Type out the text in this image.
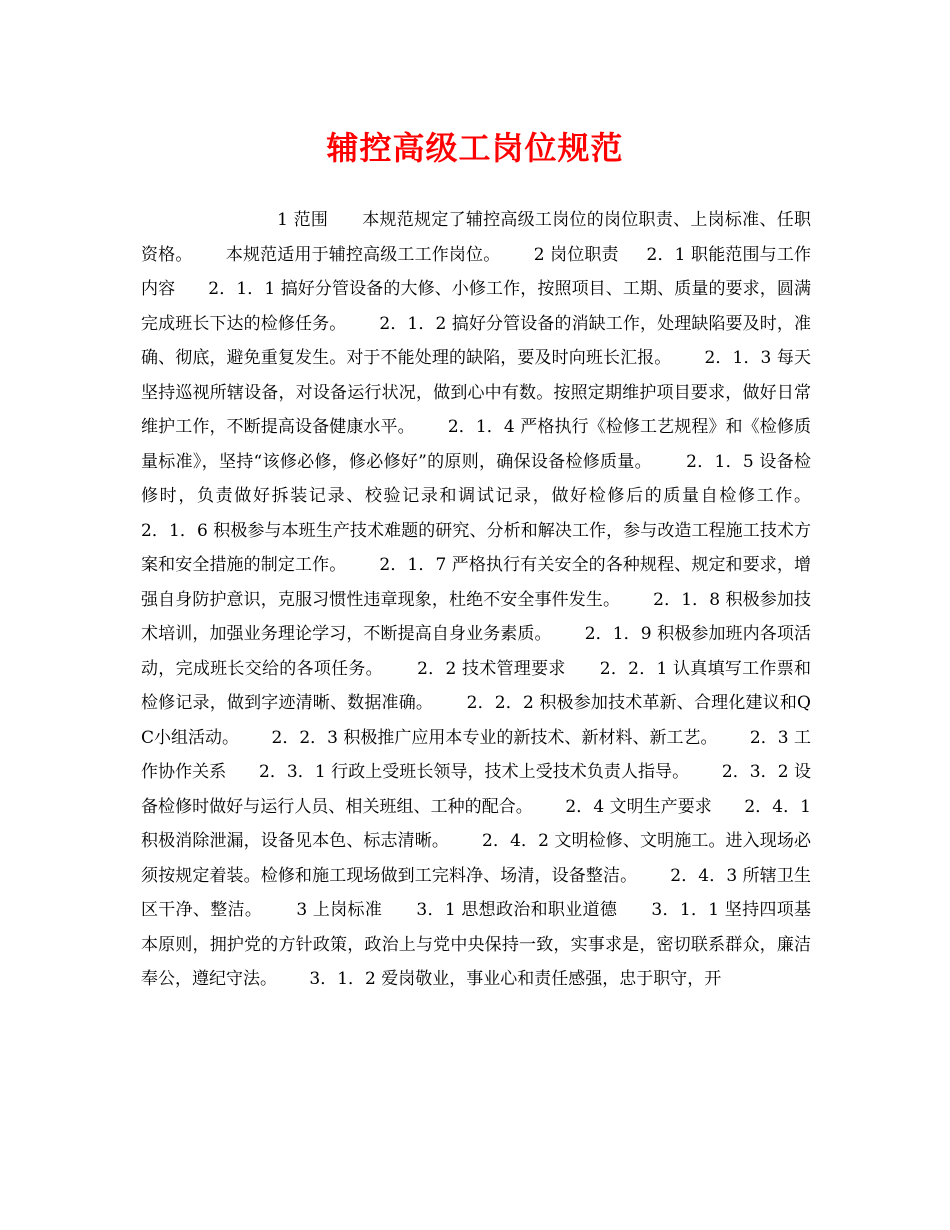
辅控高级工岗位规范

1 范围      本规范规定了辅控高级工岗位的岗位职责、上岗标准、任职资格。      本规范适用于辅控高级工工作岗位。      2 岗位职责     2．1 职能范围与工作内容      2．1．1 搞好分管设备的大修、小修工作，按照项目、工期、质量的要求，圆满完成班长下达的检修任务。      2．1．2 搞好分管设备的消缺工作，处理缺陷要及时，准确、彻底，避免重复发生。对于不能处理的缺陷，要及时向班长汇报。      2．1．3 每天坚持巡视所辖设备，对设备运行状况，做到心中有数。按照定期维护项目要求，做好日常维护工作，不断提高设备健康水平。      2．1．4 严格执行《检修工艺规程》和《检修质量标准》，坚持“该修必修，修必修好”的原则，确保设备检修质量。      2．1．5 设备检修时，负责做好拆装记录、校验记录和调试记录，做好检修后的质量自检修工作。      2．1．6 积极参与本班生产技术难题的研究、分析和解决工作，参与改造工程施工技术方案和安全措施的制定工作。      2．1．7 严格执行有关安全的各种规程、规定和要求，增强自身防护意识，克服习惯性违章现象，杜绝不安全事件发生。      2．1．8 积极参加技术培训，加强业务理论学习，不断提高自身业务素质。      2．1．9 积极参加班内各项活动，完成班长交给的各项任务。      2．2 技术管理要求      2．2．1 认真填写工作票和检修记录，做到字迹清晰、数据准确。      2．2．2 积极参加技术革新、合理化建议和QC小组活动。      2．2．3 积极推广应用本专业的新技术、新材料、新工艺。      2．3 工作协作关系      2．3．1 行政上受班长领导，技术上受技术负责人指导。      2．3．2 设备检修时做好与运行人员、相关班组、工种的配合。      2．4 文明生产要求      2．4．1 积极消除泄漏，设备见本色、标志清晰。      2．4．2 文明检修、文明施工。进入现场必须按规定着装。检修和施工现场做到工完料净、场清，设备整洁。      2．4．3 所辖卫生区干净、整洁。      3 上岗标准      3．1 思想政治和职业道德      3．1．1 坚持四项基本原则，拥护党的方针政策，政治上与党中央保持一致，实事求是，密切联系群众，廉洁奉公，遵纪守法。      3．1．2 爱岗敬业，事业心和责任感强，忠于职守，开
